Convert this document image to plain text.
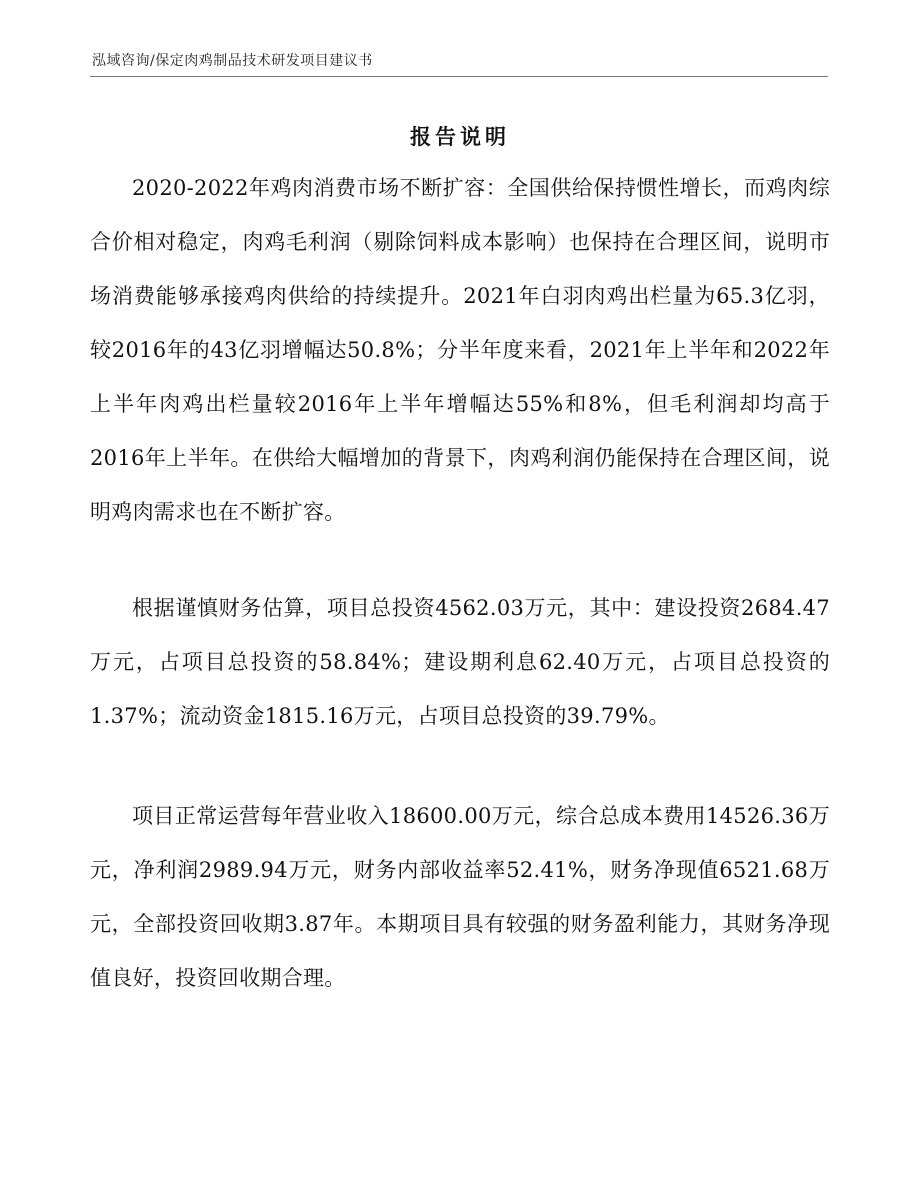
泓域咨询/保定肉鸡制品技术研发项目建议书
报告说明

2020-2022年鸡肉消费市场不断扩容：全国供给保持惯性增长，而鸡肉综合价相对稳定，肉鸡毛利润（剔除饲料成本影响）也保持在合理区间，说明市场消费能够承接鸡肉供给的持续提升。2021年白羽肉鸡出栏量为65.3亿羽，较2016年的43亿羽增幅达50.8%；分半年度来看，2021年上半年和2022年上半年肉鸡出栏量较2016年上半年增幅达55%和8%，但毛利润却均高于2016年上半年。在供给大幅增加的背景下，肉鸡利润仍能保持在合理区间，说明鸡肉需求也在不断扩容。

根据谨慎财务估算，项目总投资4562.03万元，其中：建设投资2684.47万元，占项目总投资的58.84%；建设期利息62.40万元，占项目总投资的1.37%；流动资金1815.16万元，占项目总投资的39.79%。

项目正常运营每年营业收入18600.00万元，综合总成本费用14526.36万元，净利润2989.94万元，财务内部收益率52.41%，财务净现值6521.68万元，全部投资回收期3.87年。本期项目具有较强的财务盈利能力，其财务净现值良好，投资回收期合理。
